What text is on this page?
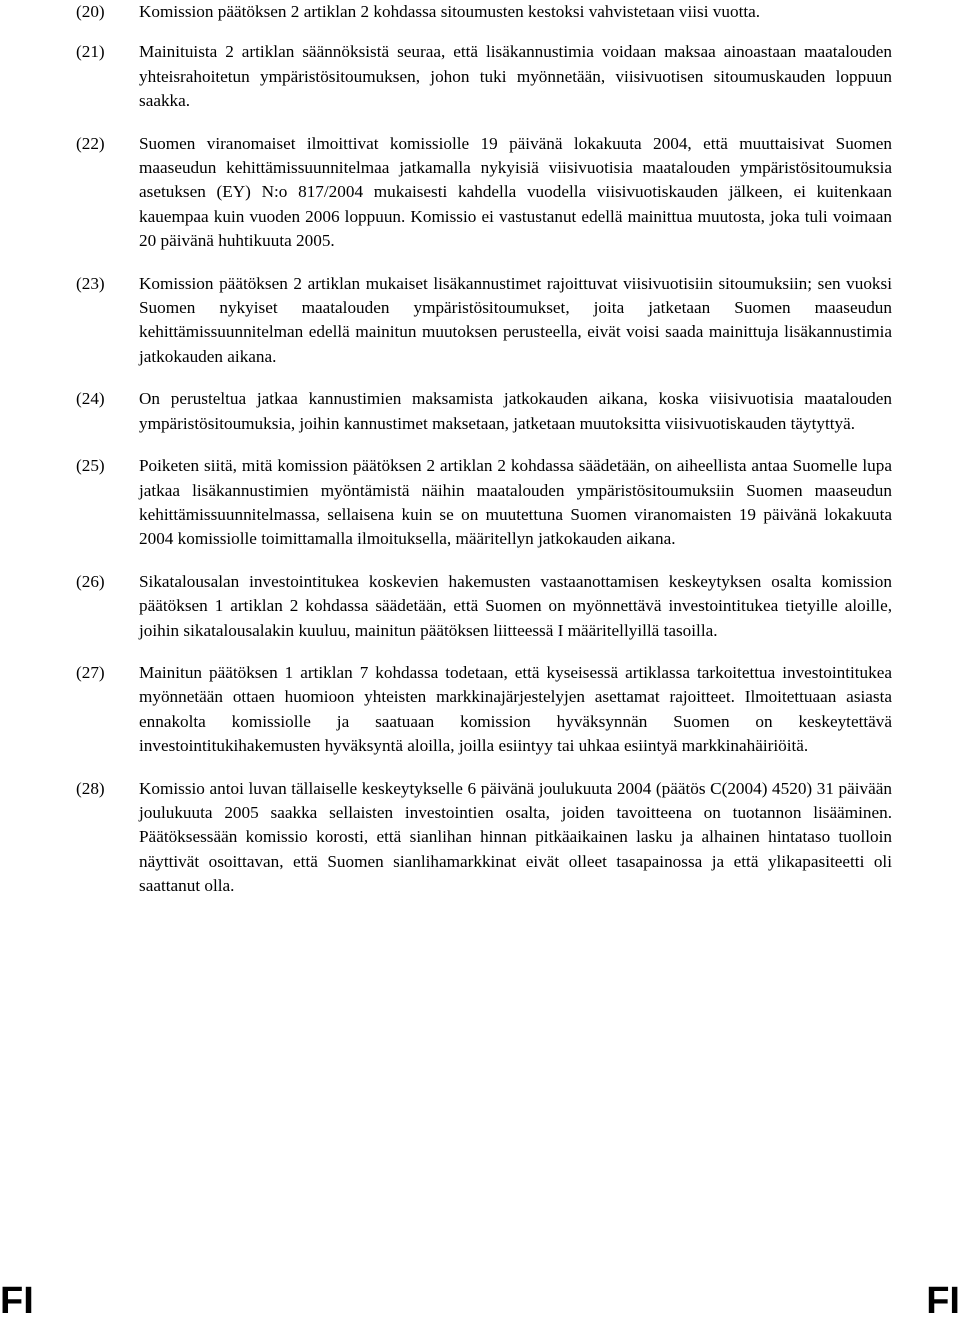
(20)	Komission päätöksen 2 artiklan 2 kohdassa sitoumusten kestoksi vahvistetaan viisi vuotta.
(21)	Mainituista 2 artiklan säännöksistä seuraa, että lisäkannustimia voidaan maksaa ainoastaan maatalouden yhteisrahoitetun ympäristösitoumuksen, johon tuki myönnetään, viisivuotisen sitoumuskauden loppuun saakka.
(22)	Suomen viranomaiset ilmoittivat komissiolle 19 päivänä lokakuuta 2004, että muuttaisivat Suomen maaseudun kehittämissuunnitelmaa jatkamalla nykyisiä viisivuotisia maatalouden ympäristösitoumuksia asetuksen (EY) N:o 817/2004 mukaisesti kahdella vuodella viisivuotiskauden jälkeen, ei kuitenkaan kauempaa kuin vuoden 2006 loppuun. Komissio ei vastustanut edellä mainittua muutosta, joka tuli voimaan 20 päivänä huhtikuuta 2005.
(23)	Komission päätöksen 2 artiklan mukaiset lisäkannustimet rajoittuvat viisivuotisiin sitoumuksiin; sen vuoksi Suomen nykyiset maatalouden ympäristösitoumukset, joita jatketaan Suomen maaseudun kehittämissuunnitelman edellä mainitun muutoksen perusteella, eivät voisi saada mainittuja lisäkannustimia jatkokauden aikana.
(24)	On perusteltua jatkaa kannustimien maksamista jatkokauden aikana, koska viisivuotisia maatalouden ympäristösitoumuksia, joihin kannustimet maksetaan, jatketaan muutoksitta viisivuotiskauden täytyttyä.
(25)	Poiketen siitä, mitä komission päätöksen 2 artiklan 2 kohdassa säädetään, on aiheellista antaa Suomelle lupa jatkaa lisäkannustimien myöntämistä näihin maatalouden ympäristösitoumuksiin Suomen maaseudun kehittämissuunnitelmassa, sellaisena kuin se on muutettuna Suomen viranomaisten 19 päivänä lokakuuta 2004 komissiolle toimittamalla ilmoituksella, määritellyn jatkokauden aikana.
(26)	Sikatalousalan investointitukea koskevien hakemusten vastaanottamisen keskeytyksen osalta komission päätöksen 1 artiklan 2 kohdassa säädetään, että Suomen on myönnettävä investointitukea tietyille aloille, joihin sikatalousalakin kuuluu, mainitun päätöksen liitteessä I määritellyillä tasoilla.
(27)	Mainitun päätöksen 1 artiklan 7 kohdassa todetaan, että kyseisessä artiklassa tarkoitettua investointitukea myönnetään ottaen huomioon yhteisten markkinajärjestelyjen asettamat rajoitteet. Ilmoitettuaan asiasta ennakolta komissiolle ja saatuaan komission hyväksynnän Suomen on keskeytettävä investointitukihakemusten hyväksyntä aloilla, joilla esiintyy tai uhkaa esiintyä markkinahäiriöitä.
(28)	Komissio antoi luvan tällaiselle keskeytykselle 6 päivänä joulukuuta 2004 (päätös C(2004) 4520) 31 päivään joulukuuta 2005 saakka sellaisten investointien osalta, joiden tavoitteena on tuotannon lisääminen. Päätöksessään komissio korosti, että sianlihan hinnan pitkäaikainen lasku ja alhainen hintataso tuolloin näyttivät osoittavan, että Suomen sianlihamarkkinat eivät olleet tasapainossa ja että ylikapasiteetti oli saattanut olla.
FI	FI
